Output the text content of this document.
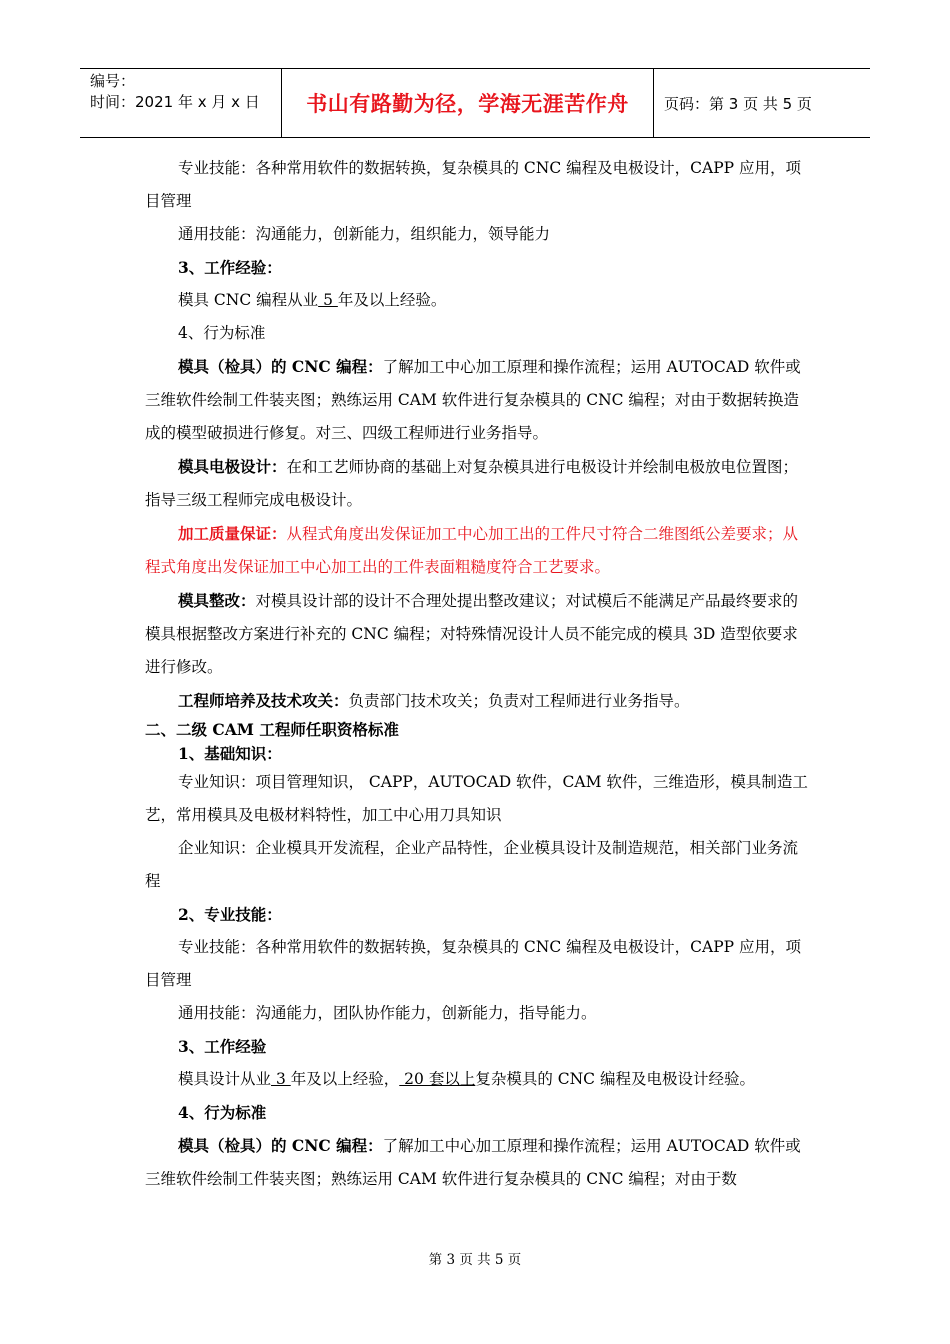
编号：
时间：2021 年 x 月 x 日	书山有路勤为径，学海无涯苦作舟	页码：第 3 页 共 5 页

专业技能：各种常用软件的数据转换，复杂模具的 CNC 编程及电极设计，CAPP 应用，项目管理

通用技能：沟通能力，创新能力，组织能力，领导能力

3、工作经验：

模具 CNC 编程从业 5 年及以上经验。

4、行为标准

模具（检具）的 CNC 编程：了解加工中心加工原理和操作流程；运用 AUTOCAD 软件或三维软件绘制工件装夹图；熟练运用 CAM 软件进行复杂模具的 CNC 编程；对由于数据转换造成的模型破损进行修复。对三、四级工程师进行业务指导。

模具电极设计：在和工艺师协商的基础上对复杂模具进行电极设计并绘制电极放电位置图；指导三级工程师完成电极设计。

加工质量保证：从程式角度出发保证加工中心加工出的工件尺寸符合二维图纸公差要求；从程式角度出发保证加工中心加工出的工件表面粗糙度符合工艺要求。

模具整改：对模具设计部的设计不合理处提出整改建议；对试模后不能满足产品最终要求的模具根据整改方案进行补充的 CNC 编程；对特殊情况设计人员不能完成的模具 3D 造型依要求进行修改。

工程师培养及技术攻关：负责部门技术攻关；负责对工程师进行业务指导。

二、二级 CAM 工程师任职资格标准

1、基础知识：

专业知识：项目管理知识， CAPP，AUTOCAD 软件，CAM 软件，三维造形，模具制造工艺，常用模具及电极材料特性，加工中心用刀具知识

企业知识：企业模具开发流程，企业产品特性，企业模具设计及制造规范，相关部门业务流程

2、专业技能：

专业技能：各种常用软件的数据转换，复杂模具的 CNC 编程及电极设计，CAPP 应用，项目管理

通用技能：沟通能力，团队协作能力，创新能力，指导能力。

3、工作经验

模具设计从业 3 年及以上经验， 20 套以上复杂模具的 CNC 编程及电极设计经验。

4、行为标准

模具（检具）的 CNC 编程：了解加工中心加工原理和操作流程；运用 AUTOCAD 软件或三维软件绘制工件装夹图；熟练运用 CAM 软件进行复杂模具的 CNC 编程；对由于数

第 3 页 共 5 页
